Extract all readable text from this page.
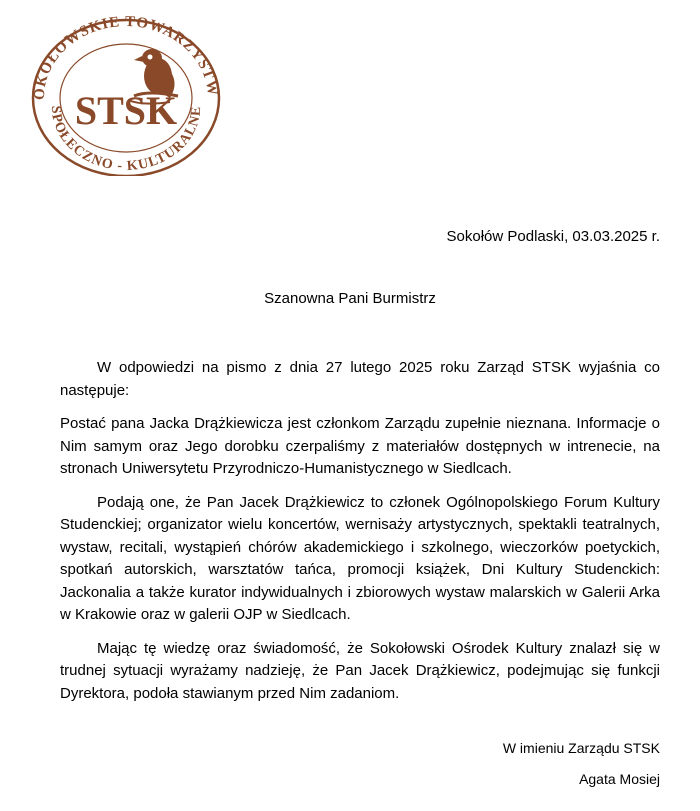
OKOŁOWSKIE TOWARZYSTW
SPOŁECZNO - KULTURALNE
STSK
Sokołów Podlaski, 03.03.2025 r.
Szanowna Pani Burmistrz

W odpowiedzi na pismo z dnia 27 lutego 2025 roku Zarząd STSK wyjaśnia co następuje:

Postać pana Jacka Drążkiewicza jest członkom Zarządu zupełnie nieznana. Informacje o Nim samym oraz Jego dorobku czerpaliśmy z materiałów dostępnych w intrenecie, na stronach Uniwersytetu Przyrodniczo-Humanistycznego w Siedlcach.

Podają one, że Pan Jacek Drążkiewicz to członek Ogólnopolskiego Forum Kultury Studenckiej; organizator wielu koncertów, wernisaży artystycznych, spektakli teatralnych, wystaw, recitali, wystąpień chórów akademickiego i szkolnego, wieczorków poetyckich, spotkań autorskich, warsztatów tańca, promocji książek, Dni Kultury Studenckich: Jackonalia a także kurator indywidualnych i zbiorowych wystaw malarskich w Galerii Arka w Krakowie oraz w galerii OJP w Siedlcach.

Mając tę wiedzę oraz świadomość, że Sokołowski Ośrodek Kultury znalazł się w trudnej sytuacji wyrażamy nadzieję, że Pan Jacek Drążkiewicz, podejmując się funkcji Dyrektora, podoła stawianym przed Nim zadaniom.

W imieniu Zarządu STSK
Agata Mosiej
